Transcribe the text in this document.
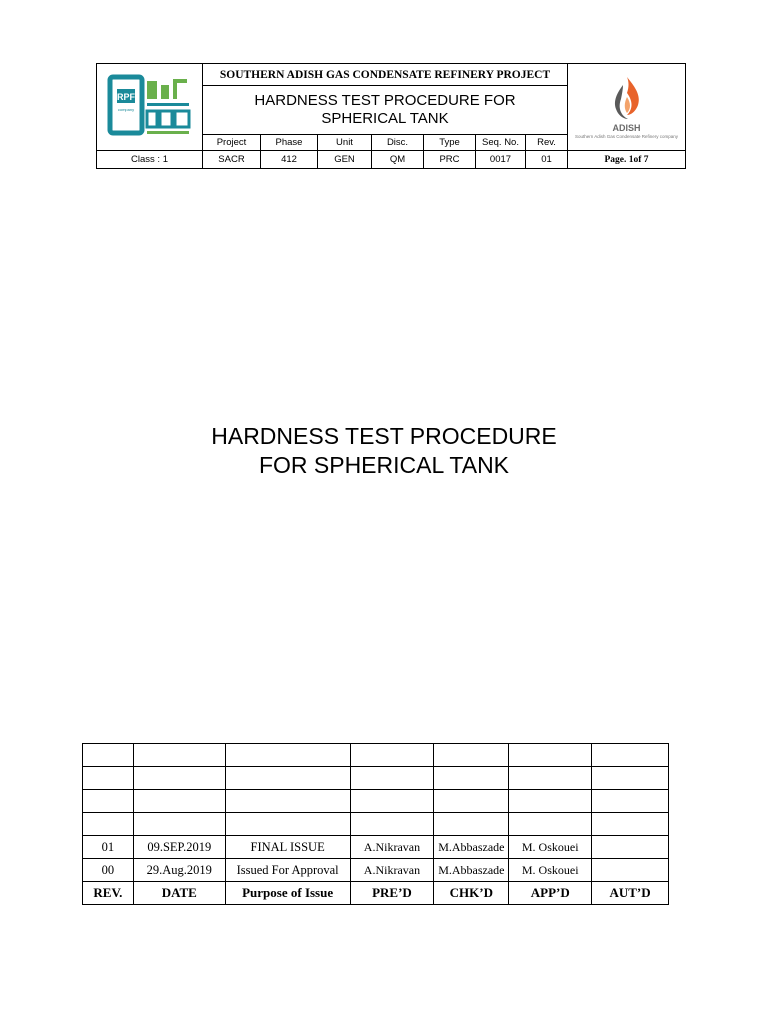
RPF
company
SOUTHERN ADISH GAS CONDENSATE REFINERY PROJECT
HARDNESS TEST PROCEDURE FOR
SPHERICAL TANK
Project	Phase	Unit	Disc.	Type	Seq. No.	Rev.
SACR	412	GEN	QM	PRC	0017	01
Class : 1	Page. 1of 7
ADISH
Southern Adish Gas Condensate Refinery company
HARDNESS TEST PROCEDURE
FOR SPHERICAL TANK

01	09.SEP.2019	FINAL ISSUE	A.Nikravan	M.Abbaszade	M. Oskouei	
00	29.Aug.2019	Issued For Approval	A.Nikravan	M.Abbaszade	M. Oskouei	
REV.	DATE	Purpose of Issue	PRE’D	CHK’D	APP’D	AUT’D
